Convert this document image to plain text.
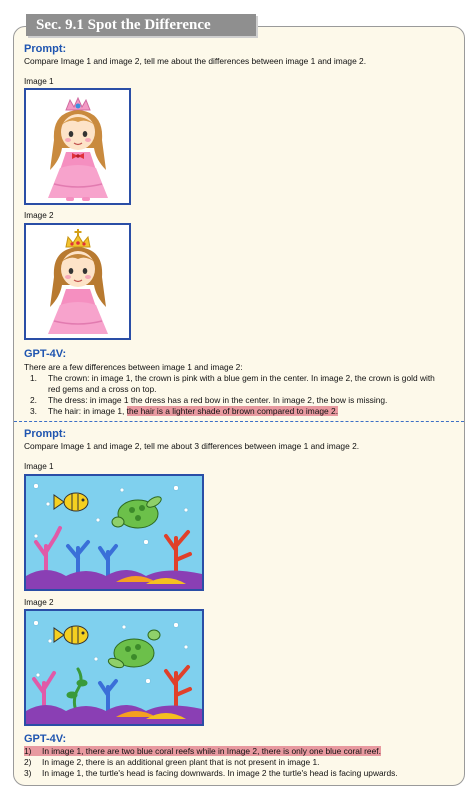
Sec. 9.1 Spot the Difference
Prompt:
Compare Image 1 and image 2, tell me about the differences between image 1 and image 2.
Image 1
Image 2
GPT-4V:
There are a few differences between image 1 and image 2:
1. The crown: in image 1, the crown is pink with a blue gem in the center. In image 2, the crown is gold with
red gems and a cross on top.
2. The dress: in image 1 the dress has a red bow in the center. In image 2, the bow is missing.
3. The hair: in image 1, the hair is a lighter shade of brown compared to image 2.
Prompt:
Compare Image 1 and image 2, tell me about 3 differences between image 1 and image 2.
Image 1
Image 2
GPT-4V:
1) In image 1, there are two blue coral reefs while in Image 2, there is only one blue coral reef.
2) In image 2, there is an additional green plant that is not present in image 1.
3) In image 1, the turtle's head is facing downwards. In image 2 the turtle's head is facing upwards.
